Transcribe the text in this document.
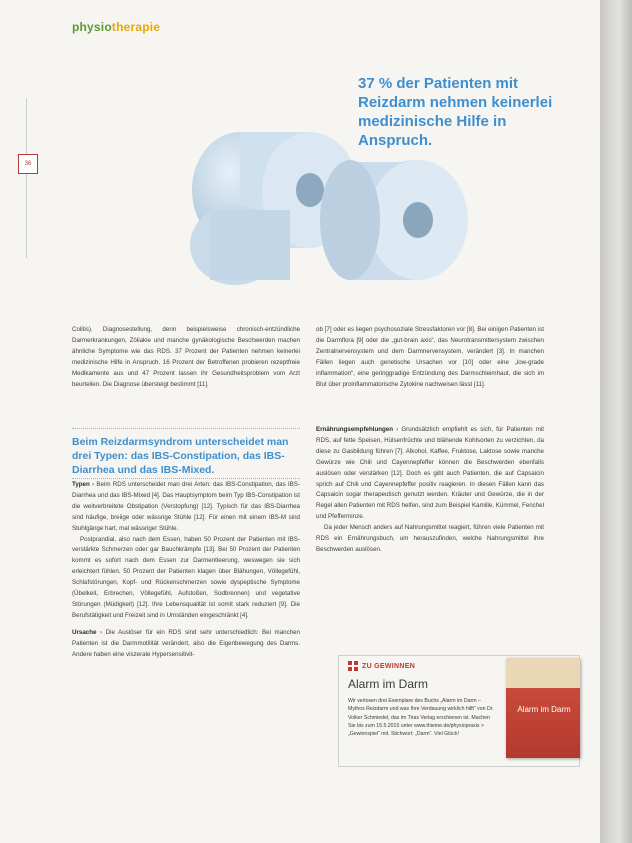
physiotherapie
36
37 % der Patienten mit Reizdarm nehmen keinerlei medizinische Hilfe in Anspruch.

Colitis). Diagnosestellung, denn beispielsweise chronisch-entzündliche Darmerkrankungen, Zöliakie und manche gynäkologische Beschwerden machen ähnliche Symptome wie das RDS. 37 Prozent der Patienten nehmen keinerlei medizinische Hilfe in Anspruch. 16 Prozent der Betroffenen probieren rezeptfreie Medikamente aus und 47 Prozent lassen ihr Gesundheitsproblem vom Arzt beurteilen. Die Diagnose übersteigt bestimmt [11].

ob [7] oder es liegen psychosoziale Stressfaktoren vor [8]. Bei einigen Patienten ist die Darmflora [9] oder die „gut-brain axis“, das Neurotransmittersystem zwischen Zentralnervensystem und dem Darmnervensystem, verändert [3]. In manchen Fällen liegen auch genetische Ursachen vor [10] oder eine „low-grade inflammation“, eine geringgradige Entzündung des Darmschleimhaut, die sich im Blut über proinflammatorische Zytokine nachweisen lässt [11].

Beim Reizdarmsyndrom unterscheidet man drei Typen: das IBS-Constipation, das IBS-Diarrhea und das IBS-Mixed.

Typen › Beim RDS unterscheidet man drei Arten: das IBS-Constipation, das IBS-Diarrhea und das IBS-Mixed [4]. Das Hauptsymptom beim Typ IBS-Constipation ist die weitverbreitete Obstipation (Verstopfung) [12]. Typisch für das IBS-Diarrhea sind häufige, breiige oder wässrige Stühle [12]. Für einen mit einem IBS-M sind Stuhlgänge hart, mal wässriger Stühle.

Postprandial, also nach dem Essen, haben 50 Prozent der Patienten mit IBS-verstärkte Schmerzen oder gar Bauchkrämpfe [13]. Bei 50 Prozent der Patienten kommt es sofort nach dem Essen zur Darmentleerung, weswegen sie sich erleichtert fühlen. 50 Prozent der Patienten klagen über Blähungen, Völlegefühl, Schlafstörungen, Kopf- und Rückenschmerzen sowie dyspeptische Symptome (Übelkeit, Erbrechen, Völlegefühl, Aufstoßen, Sodbrennen) und vegetative Störungen (Müdigkeit) [12]. Ihre Lebensqualität ist somit stark reduziert [9]. Die Berufstätigkeit und Freizeit sind in Umständen eingeschränkt [4].

Ursache › Die Auslöser für ein RDS sind sehr unterschiedlich: Bei manchen Patienten ist die Darmmotilität verändert, also die Eigenbewegung des Darms. Andere haben eine viszerale Hypersensitivit-

Ernährungsempfehlungen › Grundsätzlich empfiehlt es sich, für Patienten mit RDS, auf fette Speisen, Hülsenfrüchte und blähende Kohlsorten zu verzichten, da diese zu Gasbildung führen [7]. Alkohol, Kaffee, Fruktose, Laktose sowie manche Gewürze wie Chili und Cayennepfeffer können die Beschwerden ebenfalls auslösen oder verstärken [12]. Doch es gibt auch Patienten, die auf Capsaicin sprich auf Chili und Cayennepfeffer positiv reagieren. In diesen Fällen kann das Capsaicin sogar therapeutisch genutzt werden. Kräuter und Gewürze, die in der Regel allen Patienten mit RDS helfen, sind zum Beispiel Kamille, Kümmel, Fenchel und Pfefferminze.

Da jeder Mensch anders auf Nahrungsmittel reagiert, führen viele Patienten mit RDS ein Ernährungsbuch, um herauszufinden, welche Nahrungsmittel ihre Beschwerden auslösen.

ZU GEWINNEN
Alarm im Darm
Wir verlosen drei Exemplare des Buchs „Alarm im Darm – Mythos Reizdarm und was Ihre Verdauung wirklich hilft“ von Dr. Volker Schmiedel, das im Trias Verlag erschienen ist. Machen Sie bis zum 15.5.2015 unter www.thieme.de/physiopraxis > „Gewinnspiel“ mit. Stichwort: „Darm“. Viel Glück!
Alarm im Darm
